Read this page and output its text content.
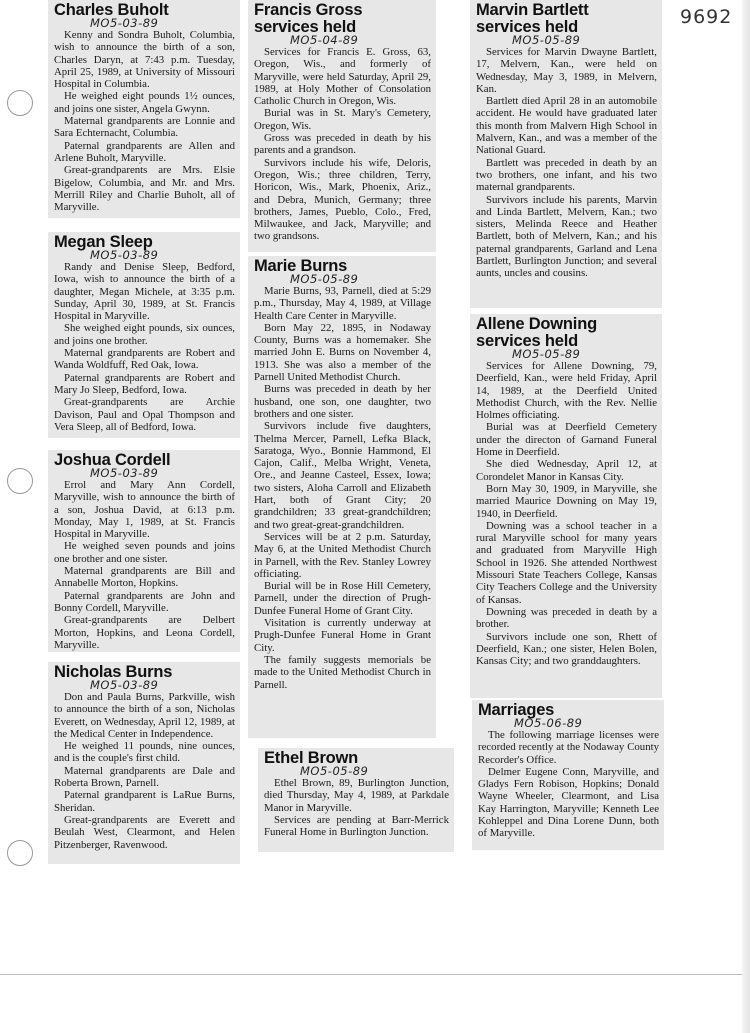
9692
Charles Buholt
MO5-03-89

Kenny and Sondra Buholt, Columbia, wish to announce the birth of a son, Charles Daryn, at 7:43 p.m. Tuesday, April 25, 1989, at University of Missouri Hospital in Columbia.

He weighed eight pounds 1½ ounces, and joins one sister, Angela Gwynn.

Maternal grandparents are Lonnie and Sara Echternacht, Columbia.

Paternal grandparents are Allen and Arlene Buholt, Maryville.

Great-grandparents are Mrs. Elsie Bigelow, Columbia, and Mr. and Mrs. Merrill Riley and Charlie Buholt, all of Maryville.

Megan Sleep
MO5-03-89

Randy and Denise Sleep, Bedford, Iowa, wish to announce the birth of a daughter, Megan Michele, at 3:35 p.m. Sunday, April 30, 1989, at St. Francis Hospital in Maryville.

She weighed eight pounds, six ounces, and joins one brother.

Maternal grandparents are Robert and Wanda Woldfuff, Red Oak, Iowa.

Paternal grandparents are Robert and Mary Jo Sleep, Bedford, Iowa.

Great-grandparents are Archie Davison, Paul and Opal Thompson and Vera Sleep, all of Bedford, Iowa.

Joshua Cordell
MO5-03-89

Errol and Mary Ann Cordell, Maryville, wish to announce the birth of a son, Joshua David, at 6:13 p.m. Monday, May 1, 1989, at St. Francis Hospital in Maryville.

He weighed seven pounds and joins one brother and one sister.

Maternal grandparents are Bill and Annabelle Morton, Hopkins.

Paternal grandparents are John and Bonny Cordell, Maryville.

Great-grandparents are Delbert Morton, Hopkins, and Leona Cordell, Maryville.

Nicholas Burns
MO5-03-89

Don and Paula Burns, Parkville, wish to announce the birth of a son, Nicholas Everett, on Wednesday, April 12, 1989, at the Medical Center in Independence.

He weighed 11 pounds, nine ounces, and is the couple's first child.

Maternal grandparents are Dale and Roberta Brown, Parnell.

Paternal grandparent is LaRue Burns, Sheridan.

Great-grandparents are Everett and Beulah West, Clearmont, and Helen Pitzenberger, Ravenwood.

Francis Gross
services held
MO5-04-89

Services for Francis E. Gross, 63, Oregon, Wis., and formerly of Maryville, were held Saturday, April 29, 1989, at Holy Mother of Consolation Catholic Church in Oregon, Wis.

Burial was in St. Mary's Cemetery, Oregon, Wis.

Gross was preceded in death by his parents and a grandson.

Survivors include his wife, Deloris, Oregon, Wis.; three children, Terry, Horicon, Wis., Mark, Phoenix, Ariz., and Debra, Munich, Germany; three brothers, James, Pueblo, Colo., Fred, Milwaukee, and Jack, Maryville; and two grandsons.

Marie Burns
MO5-05-89

Marie Burns, 93, Parnell, died at 5:29 p.m., Thursday, May 4, 1989, at Village Health Care Center in Maryville.

Born May 22, 1895, in Nodaway County, Burns was a homemaker. She married John E. Burns on November 4, 1913. She was also a member of the Parnell United Methodist Church.

Burns was preceded in death by her husband, one son, one daughter, two brothers and one sister.

Survivors include five daughters, Thelma Mercer, Parnell, Lefka Black, Saratoga, Wyo., Bonnie Hammond, El Cajon, Calif., Melba Wright, Veneta, Ore., and Jeanne Casteel, Essex, Iowa; two sisters, Aloha Carroll and Elizabeth Hart, both of Grant City; 20 grandchildren; 33 great-grandchildren; and two great-great-grandchildren.

Services will be at 2 p.m. Saturday, May 6, at the United Methodist Church in Parnell, with the Rev. Stanley Lowrey officiating.

Burial will be in Rose Hill Cemetery, Parnell, under the direction of Prugh-Dunfee Funeral Home of Grant City.

Visitation is currently underway at Prugh-Dunfee Funeral Home in Grant City.

The family suggests memorials be made to the United Methodist Church in Parnell.

Ethel Brown
MO5-05-89

Ethel Brown, 89, Burlington Junction, died Thursday, May 4, 1989, at Parkdale Manor in Maryville.

Services are pending at Barr-Merrick Funeral Home in Burlington Junction.

Marvin Bartlett
services held
MO5-05-89

Services for Marvin Dwayne Bartlett, 17, Melvern, Kan., were held on Wednesday, May 3, 1989, in Melvern, Kan.

Bartlett died April 28 in an automobile accident. He would have graduated later this month from Malvern High School in Malvern, Kan., and was a member of the National Guard.

Bartlett was preceded in death by an two brothers, one infant, and his two maternal grandparents.

Survivors include his parents, Marvin and Linda Bartlett, Melvern, Kan.; two sisters, Melinda Reece and Heather Bartlett, both of Melvern, Kan.; and his paternal grandparents, Garland and Lena Bartlett, Burlington Junction; and several aunts, uncles and cousins.

Allene Downing
services held
MO5-05-89

Services for Allene Downing, 79, Deerfield, Kan., were held Friday, April 14, 1989, at the Deerfield United Methodist Church, with the Rev. Nellie Holmes officiating.

Burial was at Deerfield Cemetery under the directon of Garnand Funeral Home in Deerfield.

She died Wednesday, April 12, at Corondelet Manor in Kansas City.

Born May 30, 1909, in Maryville, she married Maurice Downing on May 19, 1940, in Deerfield.

Downing was a school teacher in a rural Maryville school for many years and graduated from Maryville High School in 1926. She attended Northwest Missouri State Teachers College, Kansas City Teachers College and the University of Kansas.

Downing was preceded in death by a brother.

Survivors include one son, Rhett of Deerfield, Kan.; one sister, Helen Bolen, Kansas City; and two granddaughters.

Marriages
MO5-06-89

The following marriage licenses were recorded recently at the Nodaway County Recorder's Office.

Delmer Eugene Conn, Maryville, and Gladys Fern Robison, Hopkins; Donald Wayne Wheeler, Clearmont, and Lisa Kay Harrington, Maryville; Kenneth Lee Kohleppel and Dina Lorene Dunn, both of Maryville.
